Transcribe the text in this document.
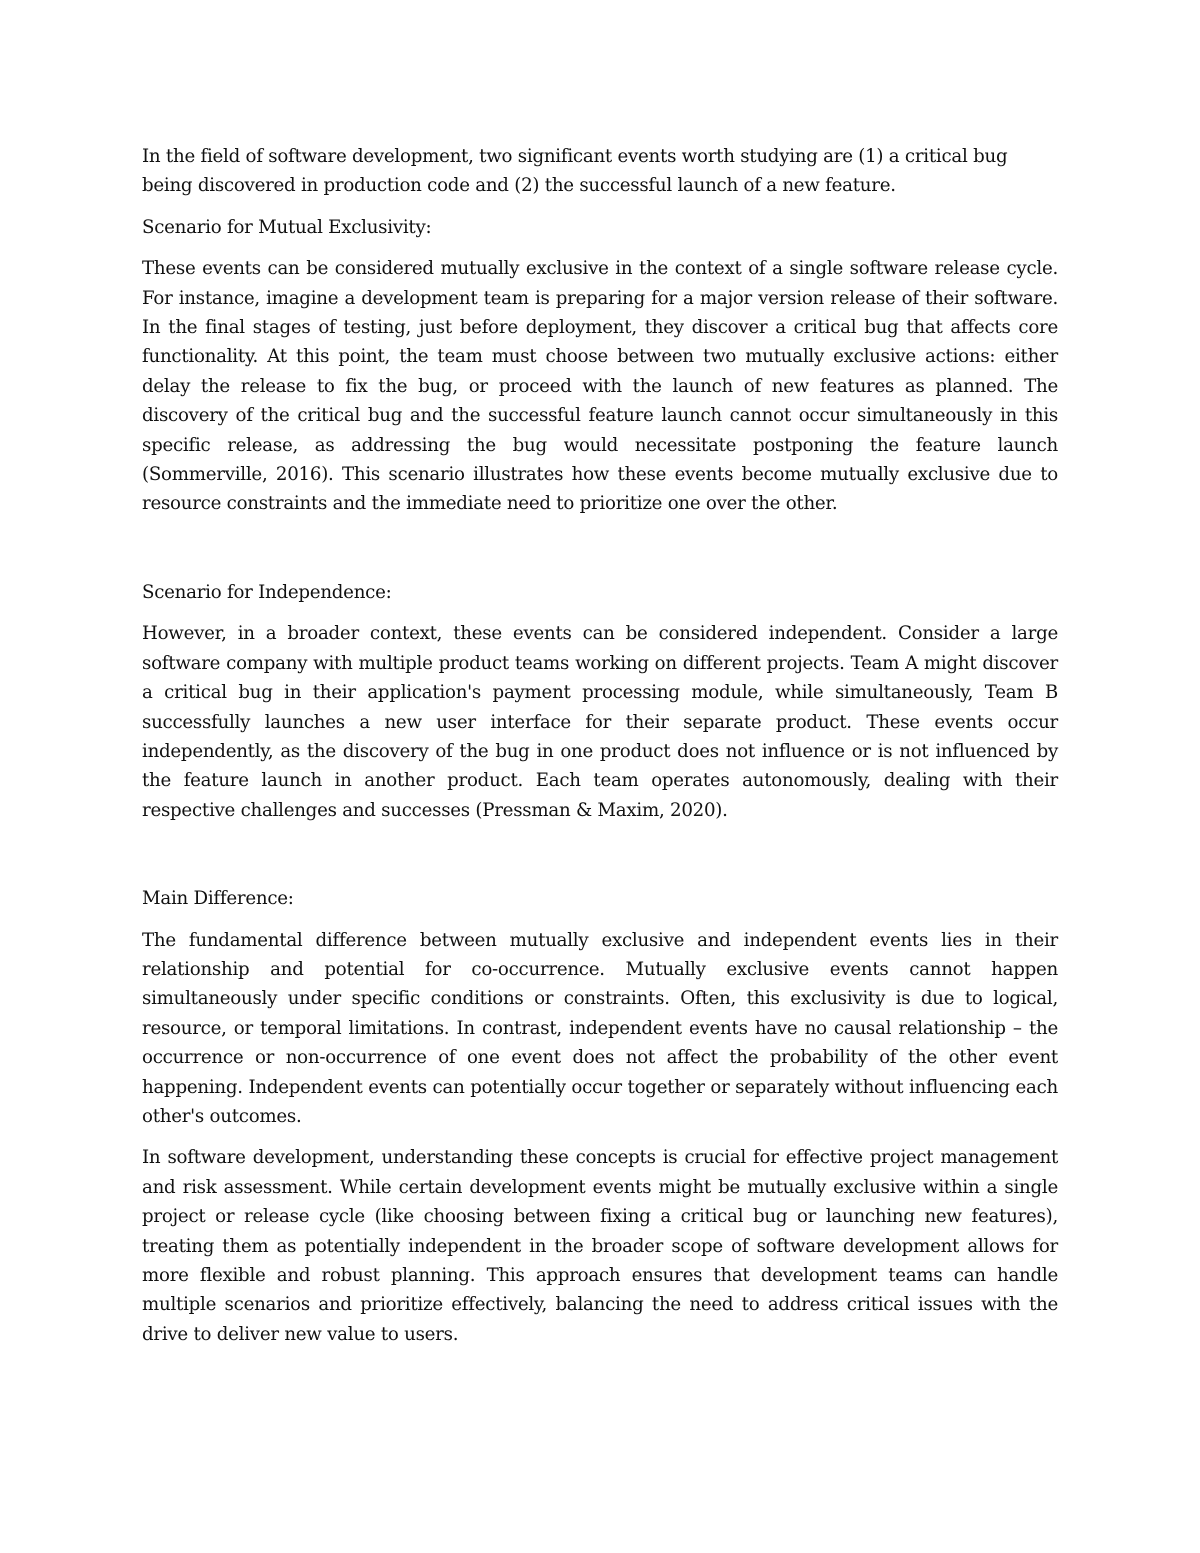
In the field of software development, two significant events worth studying are (1) a critical bug being discovered in production code and (2) the successful launch of a new feature.

Scenario for Mutual Exclusivity:

These events can be considered mutually exclusive in the context of a single software release cycle. For instance, imagine a development team is preparing for a major version release of their software. In the final stages of testing, just before deployment, they discover a critical bug that affects core functionality. At this point, the team must choose between two mutually exclusive actions: either delay the release to fix the bug, or proceed with the launch of new features as planned. The discovery of the critical bug and the successful feature launch cannot occur simultaneously in this specific release, as addressing the bug would necessitate postponing the feature launch (Sommerville, 2016). This scenario illustrates how these events become mutually exclusive due to resource constraints and the immediate need to prioritize one over the other.

Scenario for Independence:

However, in a broader context, these events can be considered independent. Consider a large software company with multiple product teams working on different projects. Team A might discover a critical bug in their application's payment processing module, while simultaneously, Team B successfully launches a new user interface for their separate product. These events occur independently, as the discovery of the bug in one product does not influence or is not influenced by the feature launch in another product. Each team operates autonomously, dealing with their respective challenges and successes (Pressman & Maxim, 2020).

Main Difference:

The fundamental difference between mutually exclusive and independent events lies in their relationship and potential for co-occurrence. Mutually exclusive events cannot happen simultaneously under specific conditions or constraints. Often, this exclusivity is due to logical, resource, or temporal limitations. In contrast, independent events have no causal relationship – the occurrence or non-occurrence of one event does not affect the probability of the other event happening. Independent events can potentially occur together or separately without influencing each other's outcomes.

In software development, understanding these concepts is crucial for effective project management and risk assessment. While certain development events might be mutually exclusive within a single project or release cycle (like choosing between fixing a critical bug or launching new features), treating them as potentially independent in the broader scope of software development allows for more flexible and robust planning. This approach ensures that development teams can handle multiple scenarios and prioritize effectively, balancing the need to address critical issues with the drive to deliver new value to users.
